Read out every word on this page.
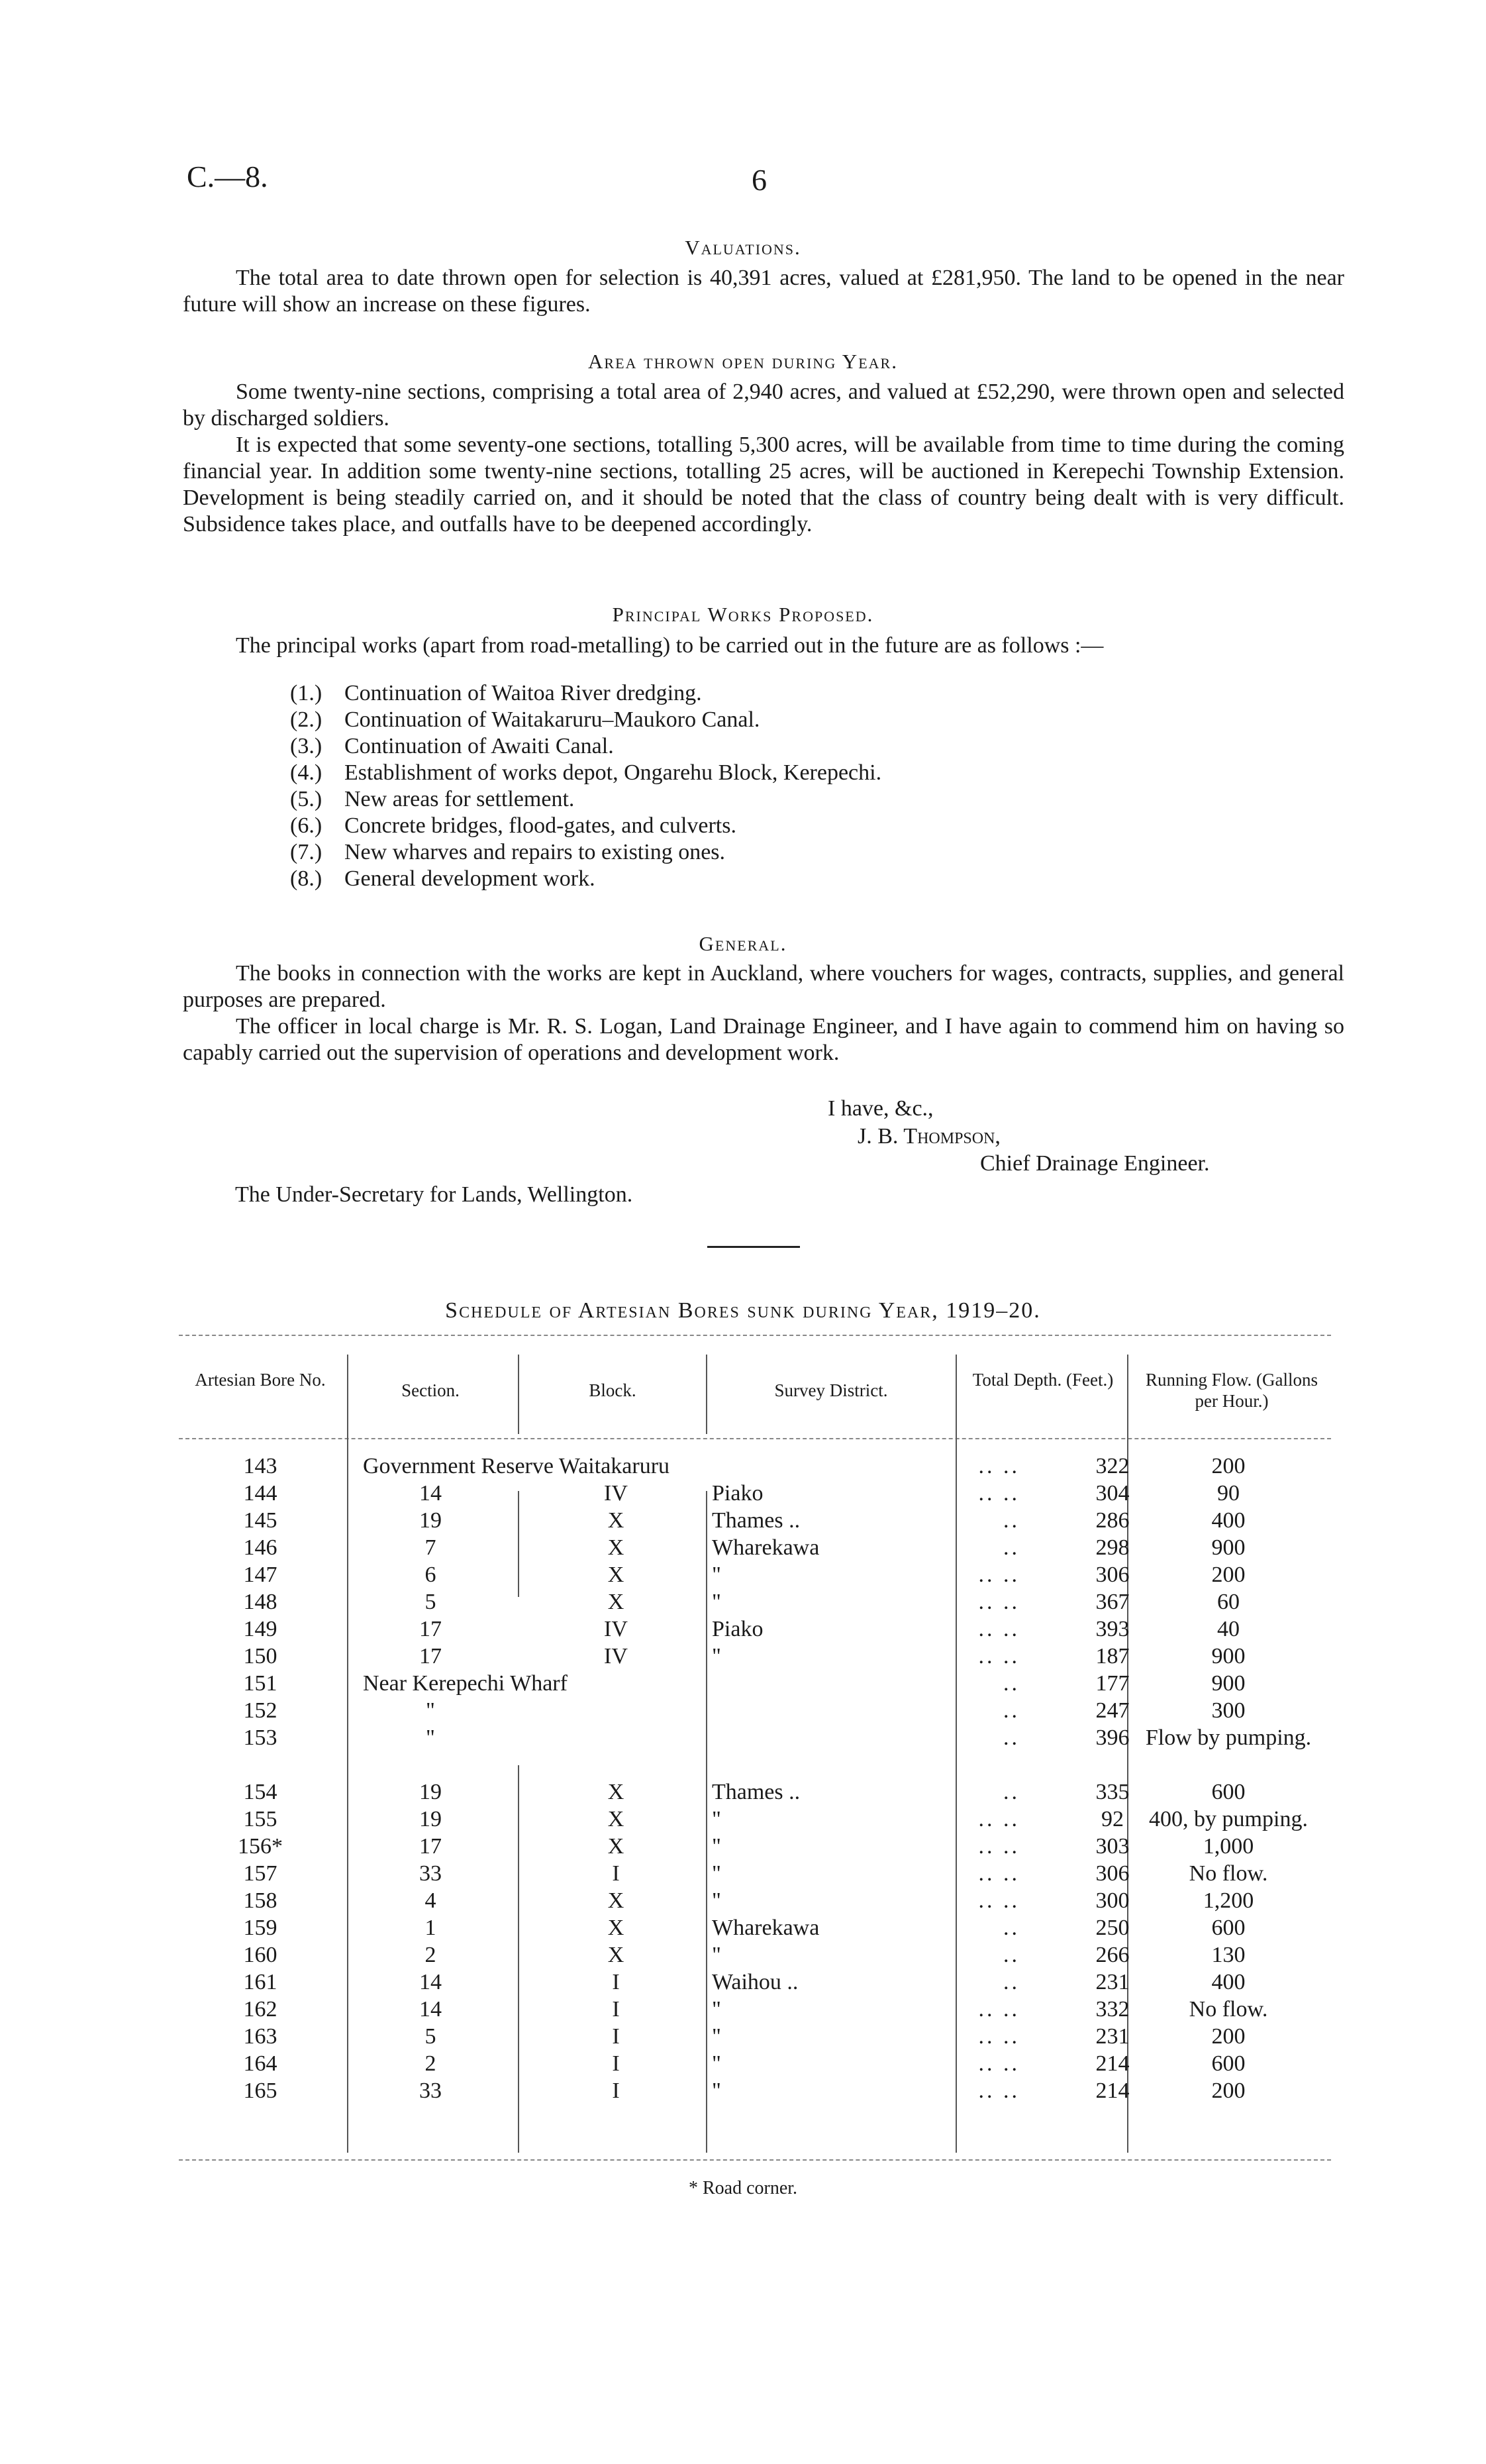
C.—8.	6
Valuations.

The total area to date thrown open for selection is 40,391 acres, valued at £281,950. The land to be opened in the near future will show an increase on these figures.

Area thrown open during Year.

Some twenty-nine sections, comprising a total area of 2,940 acres, and valued at £52,290, were thrown open and selected by discharged soldiers.

It is expected that some seventy-one sections, totalling 5,300 acres, will be available from time to time during the coming financial year. In addition some twenty-nine sections, totalling 25 acres, will be auctioned in Kerepechi Township Extension. Development is being steadily carried on, and it should be noted that the class of country being dealt with is very difficult. Subsidence takes place, and outfalls have to be deepened accordingly.

Principal Works Proposed.

The principal works (apart from road-metalling) to be carried out in the future are as follows :—

(1.) Continuation of Waitoa River dredging.
(2.) Continuation of Waitakaruru–Maukoro Canal.
(3.) Continuation of Awaiti Canal.
(4.) Establishment of works depot, Ongarehu Block, Kerepechi.
(5.) New areas for settlement.
(6.) Concrete bridges, flood-gates, and culverts.
(7.) New wharves and repairs to existing ones.
(8.) General development work.
General.

The books in connection with the works are kept in Auckland, where vouchers for wages, contracts, supplies, and general purposes are prepared.

The officer in local charge is Mr. R. S. Logan, Land Drainage Engineer, and I have again to commend him on having so capably carried out the supervision of operations and development work.

I have, &c.,
J. B. Thompson,
Chief Drainage Engineer.
The Under-Secretary for Lands, Wellington.
Schedule of Artesian Bores sunk during Year, 1919–20.
Artesian Bore No.
Section.	Block.	Survey District.
Total Depth. (Feet.)	Running Flow. (Gallons per Hour.)
143	Government Reserve Waitakaruru	.. ..	322	200
144	14	IV	Piako	.. ..	304	90
145	19	X	Thames ..	..	286	400
146	7	X	Wharekawa	..	298	900
147	6	X	"	.. ..	306	200
148	5	X	"	.. ..	367	60
149	17	IV	Piako	.. ..	393	40
150	17	IV	"	.. ..	187	900
151	Near Kerepechi Wharf	..	177	900
152	"	..	247	300
153	"	..	396 Flow by pumping.
154	19	X	Thames ..	..	335	600
155	19	X	"	.. ..	92	400, by pumping.
156*	17	X	"	.. ..	303	1,000
157	33	I	"	.. ..	306	No flow.
158	4	X	"	.. ..	300	1,200
159	1	X	Wharekawa	..	250	600
160	2	X	"	..	266	130
161	14	I	Waihou ..	..	231	400
162	14	I	"	.. ..	332	No flow.
163	5	I	"	.. ..	231	200
164	2	I	"	.. ..	214	600
165	33	I	"	.. ..	214	200
* Road corner.
